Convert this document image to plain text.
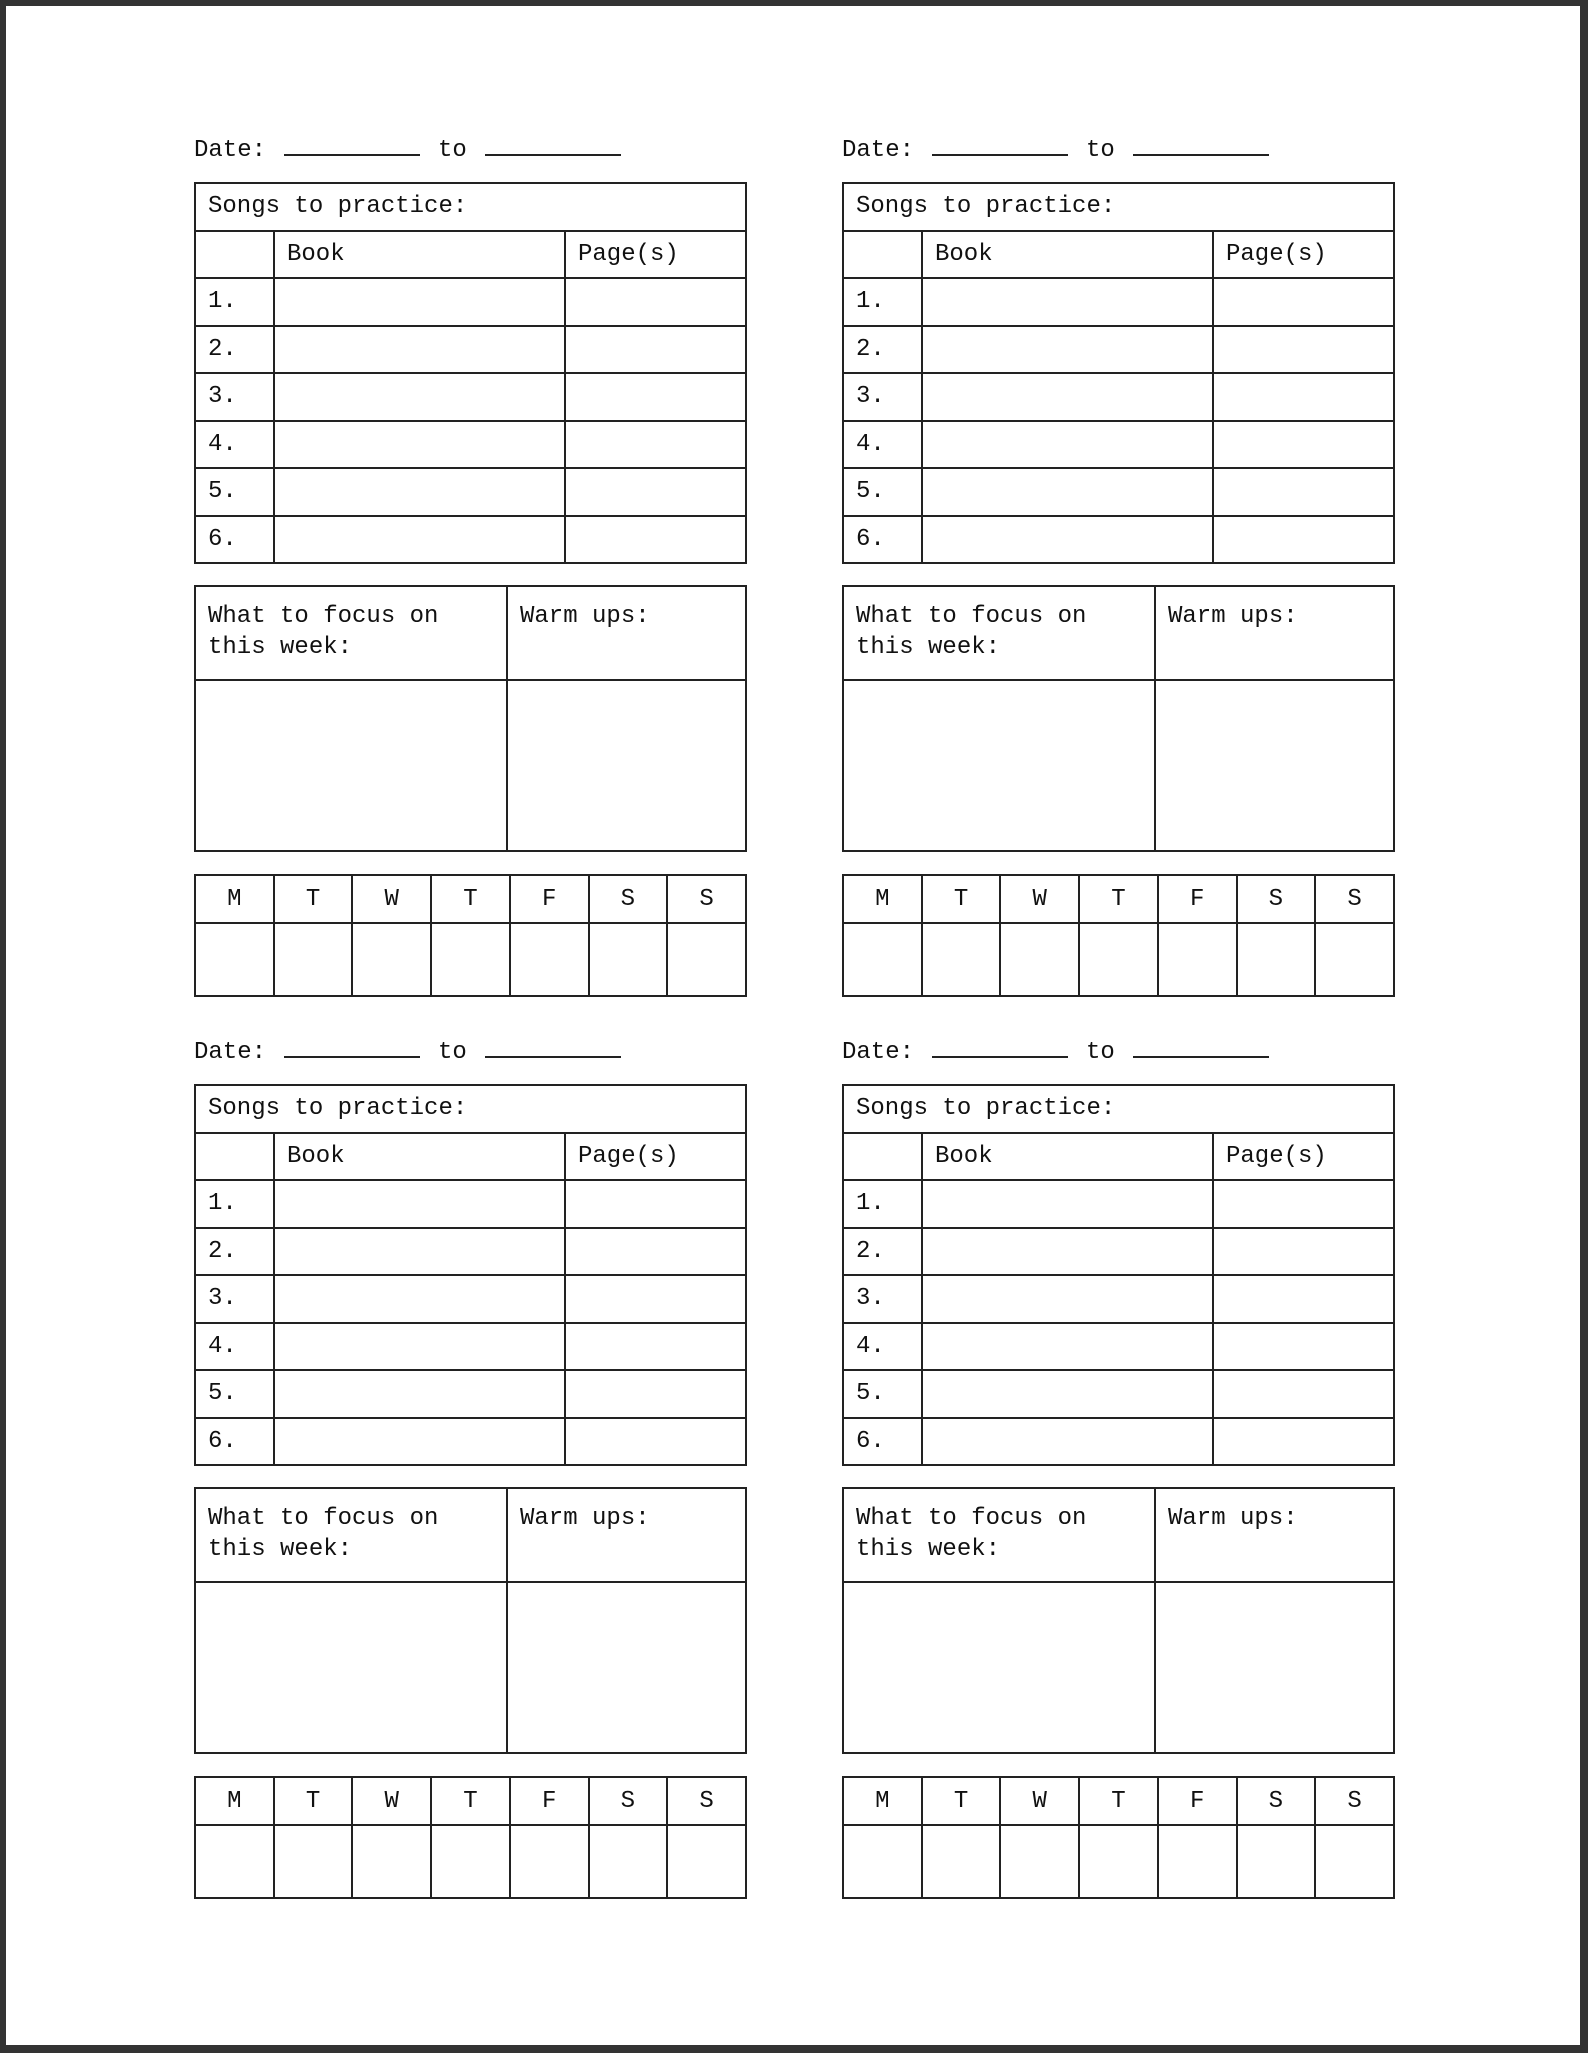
Date:	to
Songs to practice:		
	Book	Page(s)
1.		
2.		
3.		
4.		
5.		
6.		
What to focus on this week:	Warm ups:

M	T	W	T	F	S	S

Date:	to
Songs to practice:		
	Book	Page(s)
1.		
2.		
3.		
4.		
5.		
6.		
What to focus on this week:	Warm ups:

M	T	W	T	F	S	S

Date:	to
Songs to practice:		
	Book	Page(s)
1.		
2.		
3.		
4.		
5.		
6.		
What to focus on this week:	Warm ups:

M	T	W	T	F	S	S

Date:	to
Songs to practice:		
	Book	Page(s)
1.		
2.		
3.		
4.		
5.		
6.		
What to focus on this week:	Warm ups:

M	T	W	T	F	S	S
